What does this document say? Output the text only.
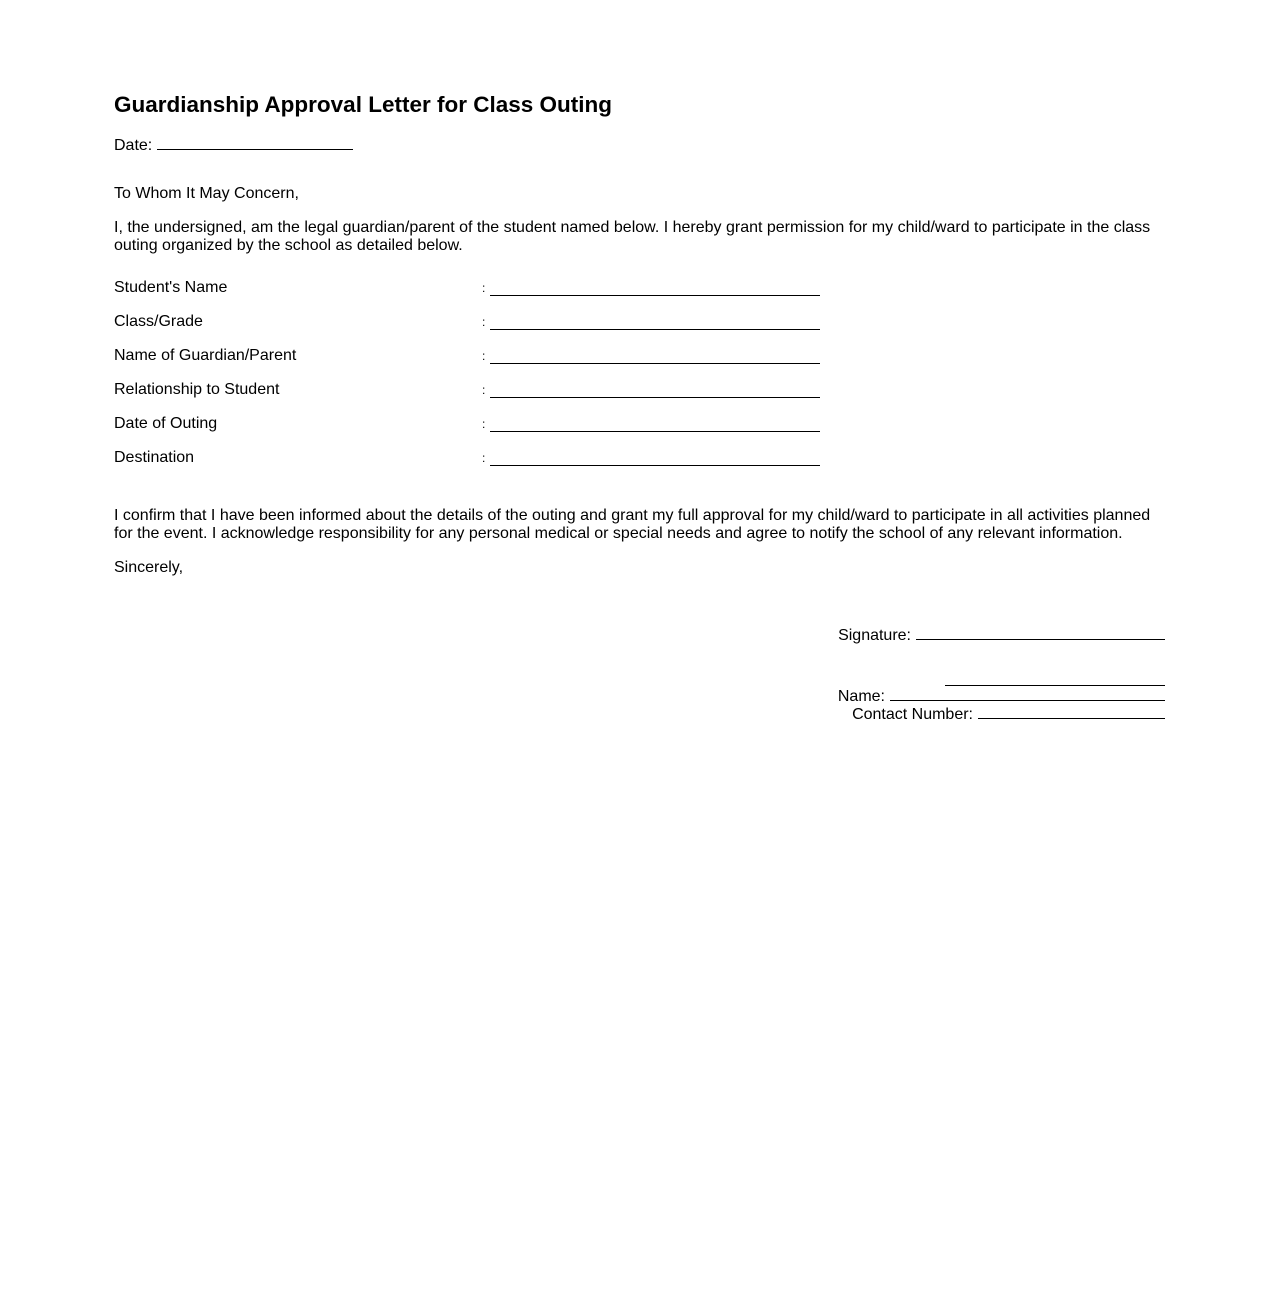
Guardianship Approval Letter for Class Outing
Date:

To Whom It May Concern,

I, the undersigned, am the legal guardian/parent of the student named below. I hereby grant permission for my child/ward to participate in the class outing organized by the school as detailed below.

Student's Name	:
Class/Grade	:
Name of Guardian/Parent	:
Relationship to Student	:
Date of Outing	:
Destination	:

I confirm that I have been informed about the details of the outing and grant my full approval for my child/ward to participate in all activities planned for the event. I acknowledge responsibility for any personal medical or special needs and agree to notify the school of any relevant information.

Sincerely,

Signature:
Name:
Contact Number:
